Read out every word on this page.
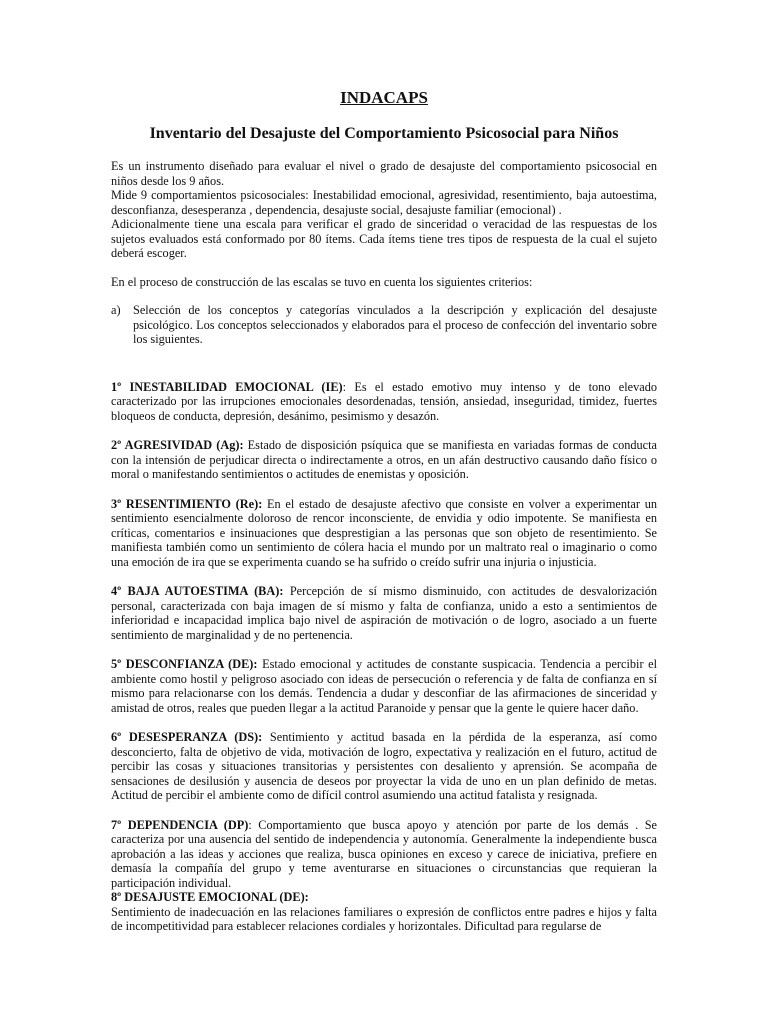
INDACAPS
Inventario del Desajuste del Comportamiento Psicosocial para Niños

Es un instrumento diseñado para evaluar el nivel o grado de desajuste del comportamiento psicosocial en niños desde los 9 años.

Mide 9 comportamientos psicosociales: Inestabilidad emocional, agresividad, resentimiento, baja autoestima, desconfianza, desesperanza , dependencia, desajuste social, desajuste familiar (emocional) .

Adicionalmente tiene una escala para verificar el grado de sinceridad o veracidad de las respuestas de los sujetos evaluados está conformado por 80 ítems. Cada ítems tiene tres tipos de respuesta de la cual el sujeto deberá escoger.

En el proceso de construcción de las escalas se tuvo en cuenta los siguientes criterios:

a)	Selección de los conceptos y categorías vinculados a la descripción y explicación del desajuste psicológico. Los conceptos seleccionados y elaborados para el proceso de confección del inventario sobre los siguientes.

1º INESTABILIDAD EMOCIONAL (IE): Es el estado emotivo muy intenso y de tono elevado caracterizado por las irrupciones emocionales desordenadas, tensión, ansiedad, inseguridad, timidez, fuertes bloqueos de conducta, depresión, desánimo, pesimismo y desazón.

2º AGRESIVIDAD (Ag): Estado de disposición psíquica que se manifiesta en variadas formas de conducta con la intensión de perjudicar directa o indirectamente a otros, en un afán destructivo causando daño físico o moral o manifestando sentimientos o actitudes de enemistas y oposición.

3º RESENTIMIENTO (Re): En el estado de desajuste afectivo que consiste en volver a experimentar un sentimiento esencialmente doloroso de rencor inconsciente, de envidia y odio impotente. Se manifiesta en críticas, comentarios e insinuaciones que desprestigian a las personas que son objeto de resentimiento. Se manifiesta también como un sentimiento de cólera hacia el mundo por un maltrato real o imaginario o como una emoción de ira que se experimenta cuando se ha sufrido o creído sufrir una injuria o injusticia.

4º BAJA AUTOESTIMA (BA): Percepción de sí mismo disminuido, con actitudes de desvalorización personal, caracterizada con baja imagen de sí mismo y falta de confianza, unido a esto a sentimientos de inferioridad e incapacidad implica bajo nivel de aspiración de motivación o de logro, asociado a un fuerte sentimiento de marginalidad y de no pertenencia.

5º DESCONFIANZA (DE): Estado emocional y actitudes de constante suspicacia. Tendencia a percibir el ambiente como hostil y peligroso asociado con ideas de persecución o referencia y de falta de confianza en sí mismo para relacionarse con los demás. Tendencia a dudar y desconfiar de las afirmaciones de sinceridad y amistad de otros, reales que pueden llegar a la actitud Paranoide y pensar que la gente le quiere hacer daño.

6º DESESPERANZA (DS): Sentimiento y actitud basada en la pérdida de la esperanza, así como desconcierto, falta de objetivo de vida, motivación de logro, expectativa y realización en el futuro, actitud de percibir las cosas y situaciones transitorias y persistentes con desaliento y aprensión. Se acompaña de sensaciones de desilusión y ausencia de deseos por proyectar la vida de uno en un plan definido de metas. Actitud de percibir el ambiente como de difícil control asumiendo una actitud fatalista y resignada.

7º DEPENDENCIA (DP): Comportamiento que busca apoyo y atención por parte de los demás . Se caracteriza por una ausencia del sentido de independencia y autonomía. Generalmente la independiente busca aprobación a las ideas y acciones que realiza, busca opiniones en exceso y carece de iniciativa, prefiere en demasía la compañía del grupo y teme aventurarse en situaciones o circunstancias que requieran la participación individual.

8º DESAJUSTE EMOCIONAL (DE):

Sentimiento de inadecuación en las relaciones familiares o expresión de conflictos entre padres e hijos y falta de incompetitividad para establecer relaciones cordiales y horizontales. Dificultad para regularse de
